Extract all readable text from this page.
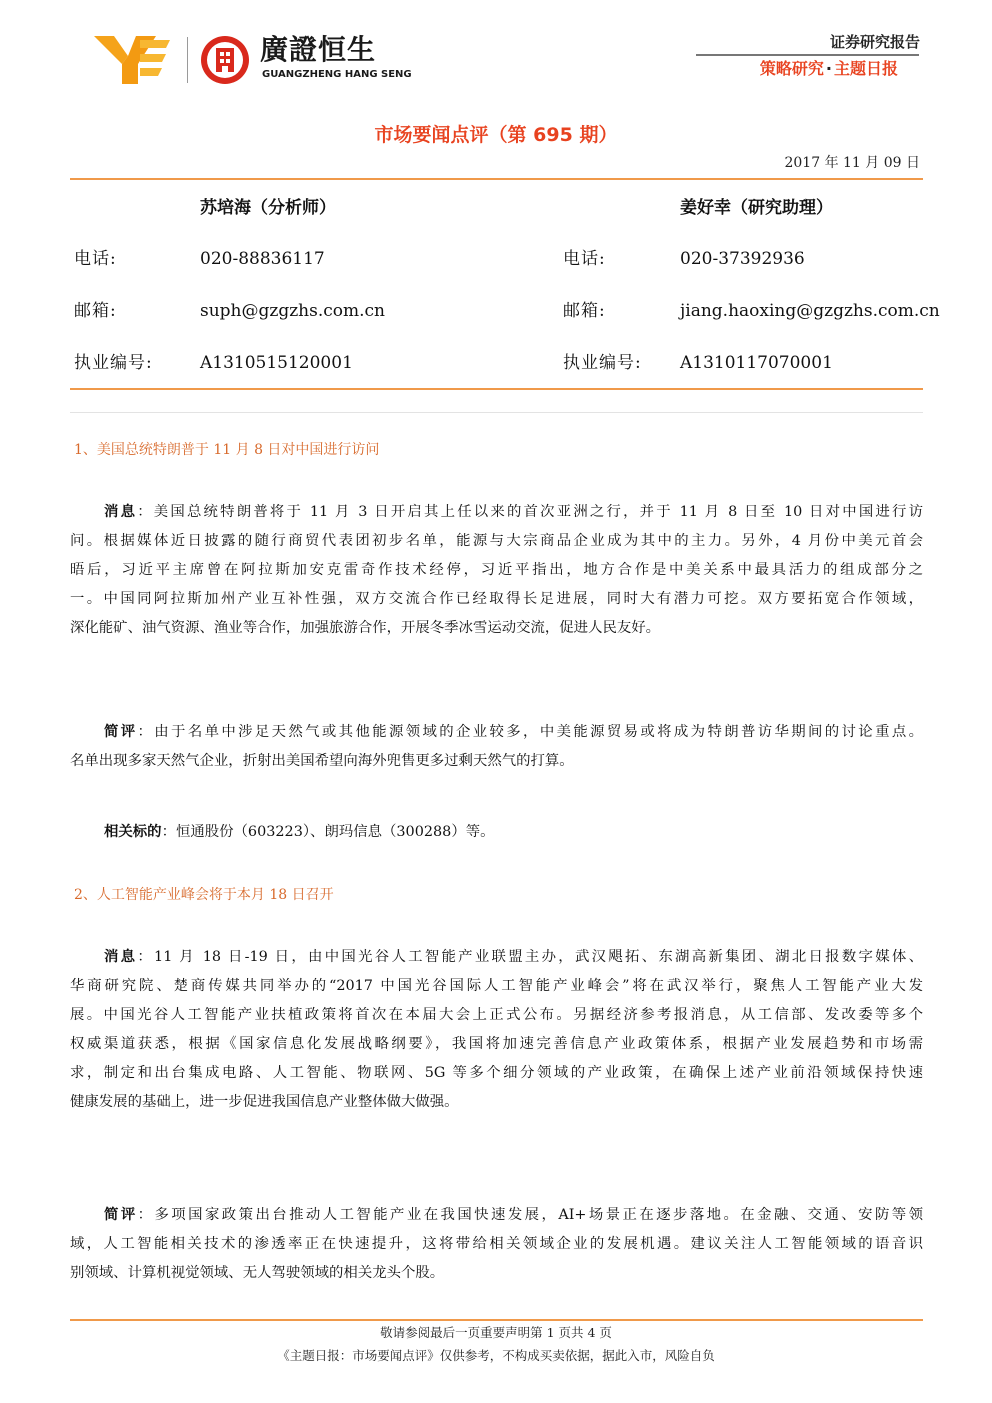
廣證恒生
GUANGZHENG HANG SENG
证券研究报告
策略研究 · 主题日报
市场要闻点评（第 695 期）
2017 年 11 月 09 日
苏培海（分析师）	姜好幸（研究助理）
电话:	020-88836117	电话:	020-37392936
邮箱:	suph@gzgzhs.com.cn	邮箱:	jiang.haoxing@gzgzhs.com.cn
执业编号:	A1310515120001	执业编号: A1310117070001
1、美国总统特朗普于 11 月 8 日对中国进行访问
消息：美国总统特朗普将于 11 月 3 日开启其上任以来的首次亚洲之行，并于 11 月 8 日至 10 日对中国进行访
问。根据媒体近日披露的随行商贸代表团初步名单，能源与大宗商品企业成为其中的主力。另外，4 月份中美元首会
晤后，习近平主席曾在阿拉斯加安克雷奇作技术经停，习近平指出，地方合作是中美关系中最具活力的组成部分之
一。中国同阿拉斯加州产业互补性强，双方交流合作已经取得长足进展，同时大有潜力可挖。双方要拓宽合作领域，
深化能矿、油气资源、渔业等合作，加强旅游合作，开展冬季冰雪运动交流，促进人民友好。
简评：由于名单中涉足天然气或其他能源领域的企业较多，中美能源贸易或将成为特朗普访华期间的讨论重点。
名单出现多家天然气企业，折射出美国希望向海外兜售更多过剩天然气的打算。
相关标的：恒通股份（603223）、朗玛信息（300288）等。
2、人工智能产业峰会将于本月 18 日召开
消息：11 月 18 日-19 日，由中国光谷人工智能产业联盟主办，武汉飓拓、东湖高新集团、湖北日报数字媒体、
华商研究院、楚商传媒共同举办的“2017 中国光谷国际人工智能产业峰会”将在武汉举行，聚焦人工智能产业大发
展。中国光谷人工智能产业扶植政策将首次在本届大会上正式公布。另据经济参考报消息，从工信部、发改委等多个
权威渠道获悉，根据《国家信息化发展战略纲要》，我国将加速完善信息产业政策体系，根据产业发展趋势和市场需
求，制定和出台集成电路、人工智能、物联网、5G 等多个细分领域的产业政策，在确保上述产业前沿领域保持快速
健康发展的基础上，进一步促进我国信息产业整体做大做强。
简评：多项国家政策出台推动人工智能产业在我国快速发展，AI+场景正在逐步落地。在金融、交通、安防等领
域，人工智能相关技术的渗透率正在快速提升，这将带给相关领域企业的发展机遇。建议关注人工智能领域的语音识
别领域、计算机视觉领域、无人驾驶领域的相关龙头个股。
敬请参阅最后一页重要声明第 1 页共 4 页
《主题日报：市场要闻点评》仅供参考，不构成买卖依据，据此入市，风险自负
